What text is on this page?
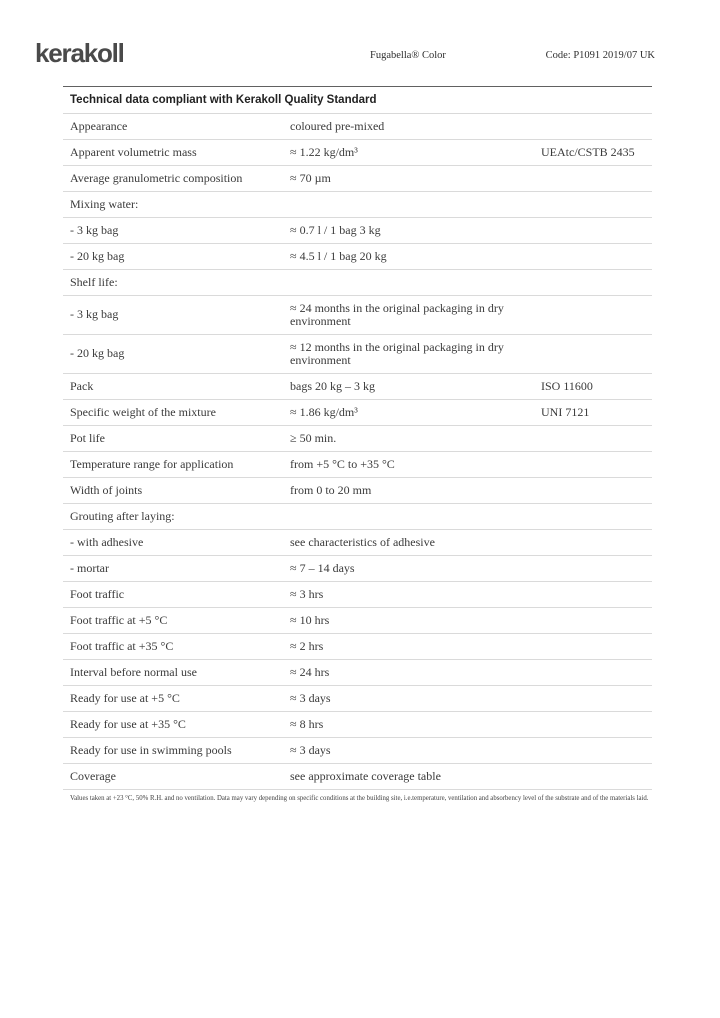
kerakoll	Fugabella® Color	Code: P1091 2019/07 UK
Technical data compliant with Kerakoll Quality Standard
Appearance	coloured pre-mixed
Apparent volumetric mass	≈ 1.22 kg/dm³	UEAtc/CSTB 2435
Average granulometric composition	≈ 70 µm
Mixing water:
- 3 kg bag	≈ 0.7 l / 1 bag 3 kg
- 20 kg bag	≈ 4.5 l / 1 bag 20 kg
Shelf life:
- 3 kg bag	≈ 24 months in the original packaging in dry environment
- 20 kg bag	≈ 12 months in the original packaging in dry environment
Pack	bags 20 kg – 3 kg	ISO 11600
Specific weight of the mixture	≈ 1.86 kg/dm³	UNI 7121
Pot life	≥ 50 min.
Temperature range for application	from +5 °C to +35 °C
Width of joints	from 0 to 20 mm
Grouting after laying:
- with adhesive	see characteristics of adhesive
- mortar	≈ 7 – 14 days
Foot traffic	≈ 3 hrs
Foot traffic at +5 °C	≈ 10 hrs
Foot traffic at +35 °C	≈ 2 hrs
Interval before normal use	≈ 24 hrs
Ready for use at +5 °C	≈ 3 days
Ready for use at +35 °C	≈ 8 hrs
Ready for use in swimming pools	≈ 3 days
Coverage	see approximate coverage table
Values taken at +23 °C, 50% R.H. and no ventilation. Data may vary depending on specific conditions at the building site, i.e.temperature, ventilation and absorbency level of the substrate and of the materials laid.
